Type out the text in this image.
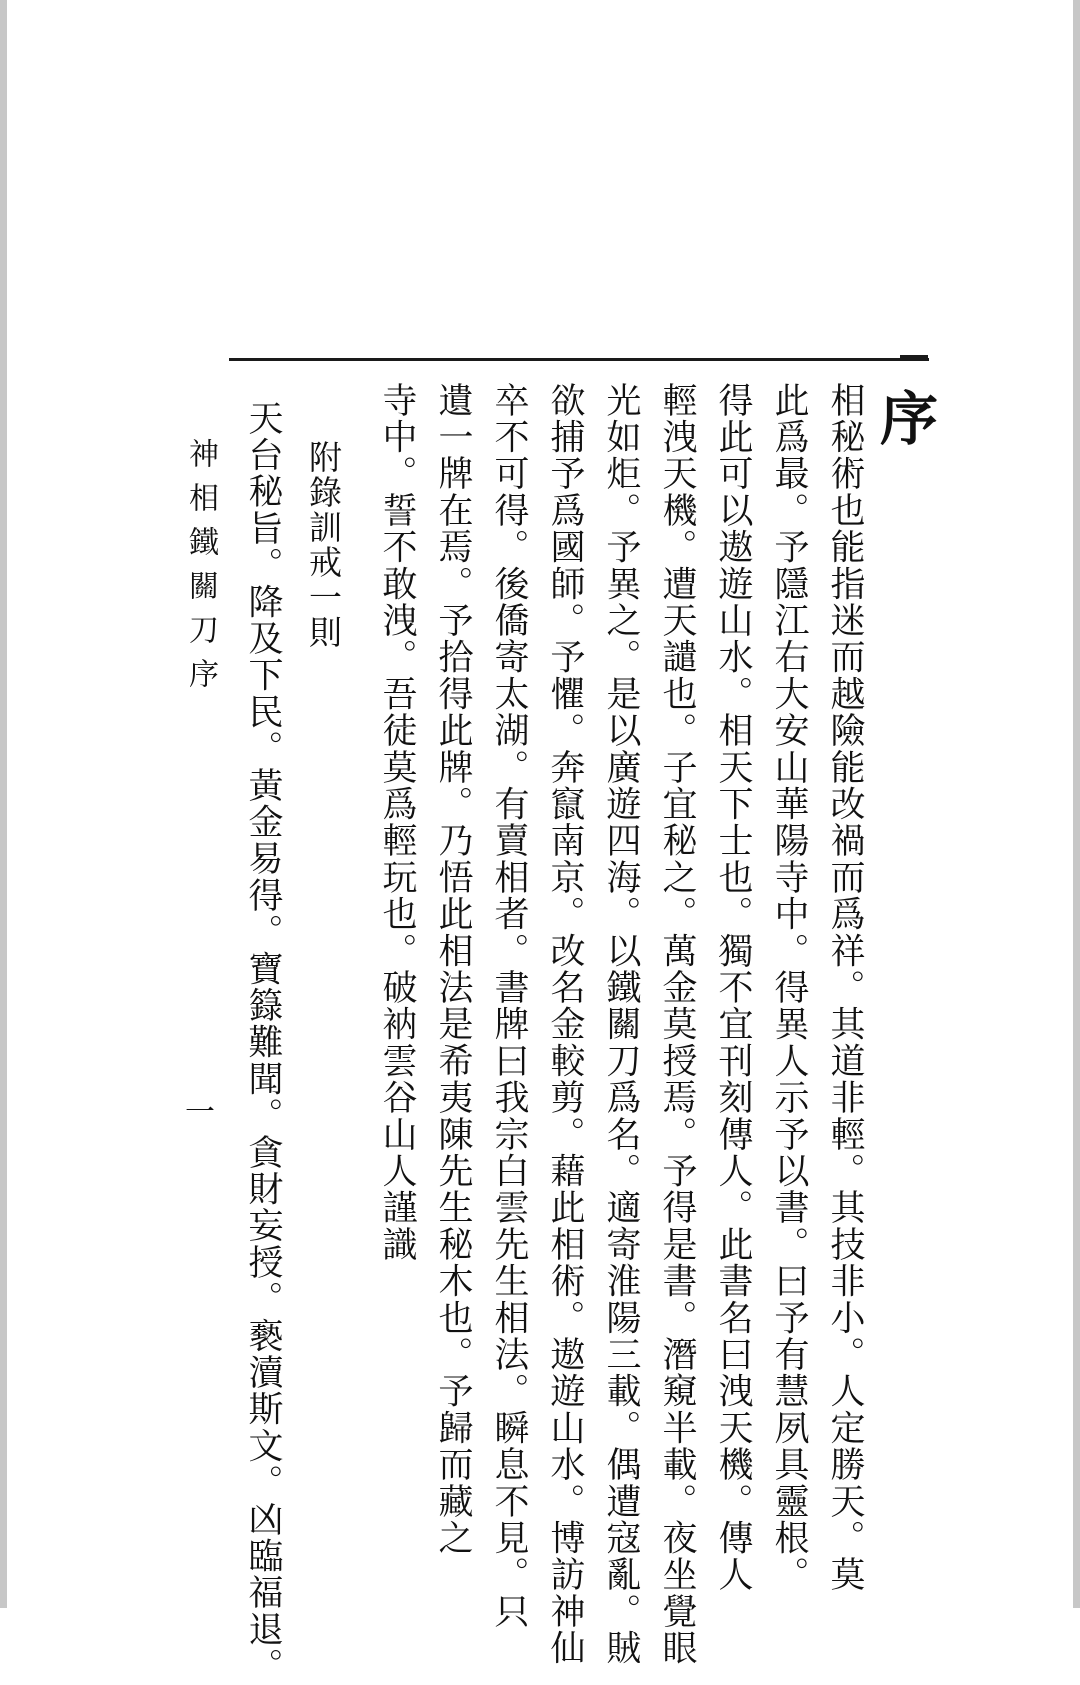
序
相秘術也能指迷而越險能改禍而爲祥。其道非輕。其技非小。人定勝天。莫
此爲最。予隱江右大安山華陽寺中。得異人示予以書。曰予有慧夙具靈根。
得此可以遨遊山水。相天下士也。獨不宜刊刻傳人。此書名曰洩天機。傳人
輕洩天機。遭天譴也。子宜秘之。萬金莫授焉。予得是書。潛窺半載。夜坐覺眼
光如炬。予異之。是以廣遊四海。以鐵關刀爲名。適寄淮陽三載。偶遭寇亂。賊
欲捕予爲國師。予懼。奔竄南京。改名金較剪。藉此相術。遨遊山水。博訪神仙
卒不可得。後僑寄太湖。有賣相者。書牌曰我宗白雲先生相法。瞬息不見。只
遺一牌在焉。予拾得此牌。乃悟此相法是希夷陳先生秘木也。予歸而藏之
寺中。誓不敢洩。吾徒莫爲輕玩也。破衲雲谷山人謹識
附錄訓戒一則
天台秘旨。降及下民。黃金易得。寶籙難聞。貪財妄授。褻瀆斯文。凶臨福退。
神相鐵關刀序
一
